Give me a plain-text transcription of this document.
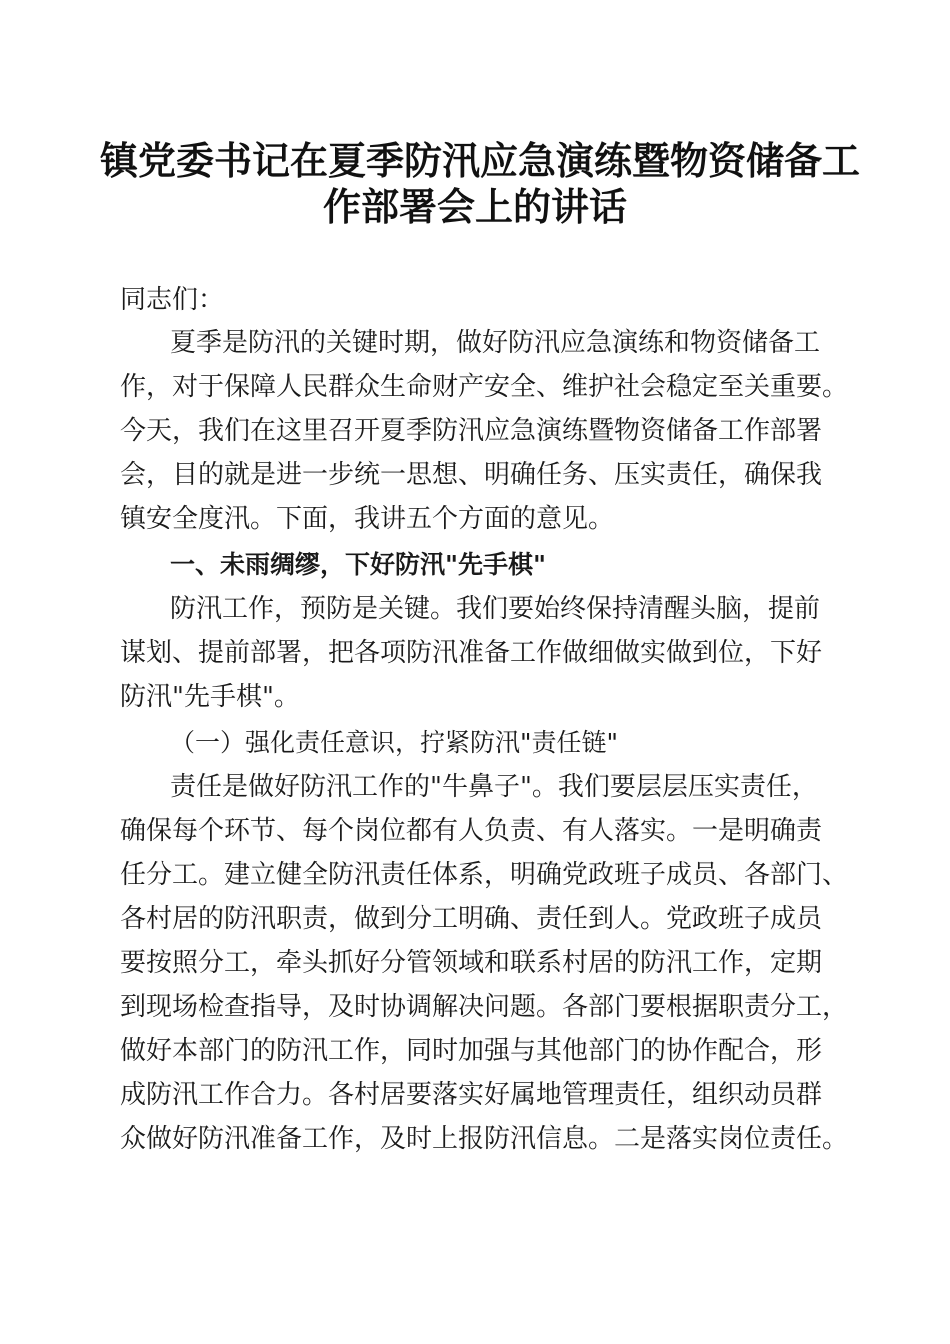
镇党委书记在夏季防汛应急演练暨物资储备工
作部署会上的讲话
同志们：
夏季是防汛的关键时期，做好防汛应急演练和物资储备工
作，对于保障人民群众生命财产安全、维护社会稳定至关重要。
今天，我们在这里召开夏季防汛应急演练暨物资储备工作部署
会，目的就是进一步统一思想、明确任务、压实责任，确保我
镇安全度汛。下面，我讲五个方面的意见。
一、未雨绸缪，下好防汛"先手棋"
防汛工作，预防是关键。我们要始终保持清醒头脑，提前
谋划、提前部署，把各项防汛准备工作做细做实做到位，下好
防汛"先手棋"。
（一）强化责任意识，拧紧防汛"责任链"
责任是做好防汛工作的"牛鼻子"。我们要层层压实责任，
确保每个环节、每个岗位都有人负责、有人落实。一是明确责
任分工。建立健全防汛责任体系，明确党政班子成员、各部门、
各村居的防汛职责，做到分工明确、责任到人。党政班子成员
要按照分工，牵头抓好分管领域和联系村居的防汛工作，定期
到现场检查指导，及时协调解决问题。各部门要根据职责分工，
做好本部门的防汛工作，同时加强与其他部门的协作配合，形
成防汛工作合力。各村居要落实好属地管理责任，组织动员群
众做好防汛准备工作，及时上报防汛信息。二是落实岗位责任。
